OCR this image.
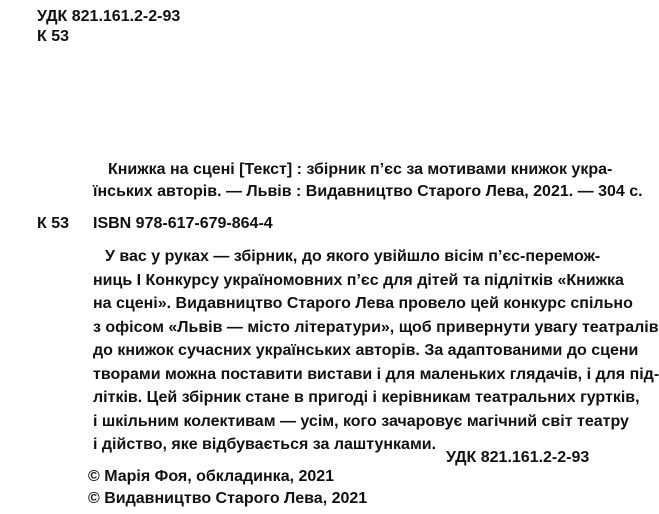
УДК 821.161.2-2-93
К 53
Книжка на сцені [Текст] : збірник п’єс за мотивами книжок укра-
їнських авторів. — Львів : Видавництво Старого Лева, 2021. — 304 с.
К 53 ISBN 978-617-679-864-4
У вас у руках — збірник, до якого увійшло вісім п’єс-перемож-
ниць І Конкурсу україномовних п’єс для дітей та підлітків «Книжка
на сцені». Видавництво Старого Лева провело цей конкурс спільно
з офісом «Львів — місто літератури», щоб привернути увагу театралів
до книжок сучасних українських авторів. За адаптованими до сцени
творами можна поставити вистави і для маленьких глядачів, і для під-
літків. Цей збірник стане в пригоді і керівникам театральних гуртків,
і шкільним колективам — усім, кого зачаровує магічний світ театру
і дійство, яке відбувається за лаштунками.
УДК 821.161.2-2-93
© Марія Фоя, обкладинка, 2021
© Видавництво Старого Лева, 2021
